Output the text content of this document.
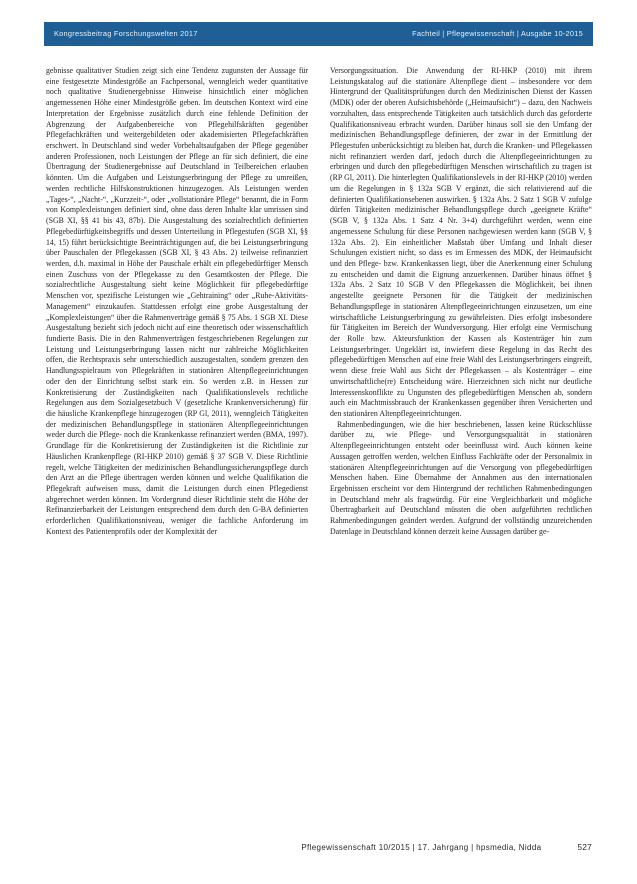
Kongressbeitrag Forschungswelten 2017	Fachteil | Pflegewissenschaft | Ausgabe 10-2015

gebnisse qualitativer Studien zeigt sich eine Tendenz zugunsten der Aussage für eine festgesetzte Mindestgröße an Fachpersonal, wenngleich weder quantitative noch qualitative Studienergebnisse Hinweise hinsichtlich einer möglichen angemessenen Höhe einer Mindestgröße geben. Im deutschen Kontext wird eine Interpretation der Ergebnisse zusätzlich durch eine fehlende Definition der Abgrenzung der Aufgabenbereiche von Pflegehilfskräften gegenüber Pflegefachkräften und weitergebildeten oder akademisierten Pflegefachkräften erschwert. In Deutschland sind weder Vorbehaltsaufgaben der Pflege gegenüber anderen Professionen, noch Leistungen der Pflege an für sich definiert, die eine Übertragung der Studienergebnisse auf Deutschland in Teilbereichen erlauben könnten. Um die Aufgaben und Leistungserbringung der Pflege zu umreißen, werden rechtliche Hilfskonstruktionen hinzugezogen. Als Leistungen werden „Tages-“, „Nacht-“, „Kurzzeit-“, oder „vollstationäre Pflege“ benannt, die in Form von Komplexleistungen definiert sind, ohne dass deren Inhalte klar umrissen sind (SGB XI, §§ 41 bis 43, 87b). Die Ausgestaltung des sozialrechtlich definierten Pflegebedürftigkeitsbegriffs und dessen Unterteilung in Pflegestufen (SGB XI, §§ 14, 15) führt berücksichtigte Beeinträchtigungen auf, die bei Leistungserbringung über Pauschalen der Pflegekassen (SGB XI, § 43 Abs. 2) teilweise refinanziert werden, d.h. maximal in Höhe der Pauschale erhält ein pflegebedürftiger Mensch einen Zuschuss von der Pflegekasse zu den Gesamtkosten der Pflege. Die sozialrechtliche Ausgestaltung sieht keine Möglichkeit für pflegebedürftige Menschen vor, spezifische Leistungen wie „Gehtraining“ oder „Ruhe-Aktivitäts-Management“ einzukaufen. Stattdessen erfolgt eine grobe Ausgestaltung der „Komplexleistungen“ über die Rahmenverträge gemäß § 75 Abs. 1 SGB XI. Diese Ausgestaltung bezieht sich jedoch nicht auf eine theoretisch oder wissenschaftlich fundierte Basis. Die in den Rahmenverträgen festgeschriebenen Regelungen zur Leistung und Leistungserbringung lassen nicht nur zahlreiche Möglichkeiten offen, die Rechtspraxis sehr unterschiedlich auszugestalten, sondern grenzen den Handlungsspielraum von Pflegekräften in stationären Altenpflegeeinrichtungen oder den der Einrichtung selbst stark ein. So werden z.B. in Hessen zur Konkretisierung der Zuständigkeiten nach Qualifikationslevels rechtliche Regelungen aus dem Sozialgesetzbuch V (gesetzliche Krankenversicherung) für die häusliche Krankenpflege hinzugezogen (RP Gl, 2011), wenngleich Tätigkeiten der medizinischen Behandlungspflege in stationären Altenpflegeeinrichtungen weder durch die Pflege- noch die Krankenkasse refinanziert werden (BMA, 1997). Grundlage für die Konkretisierung der Zuständigkeiten ist die Richtlinie zur Häuslichen Krankenpflege (RI-HKP 2010) gemäß § 37 SGB V. Diese Richtlinie regelt, welche Tätigkeiten der medizinischen Behandlungssicherungspflege durch den Arzt an die Pflege übertragen werden können und welche Qualifikation die Pflegekraft aufweisen muss, damit die Leistungen durch einen Pflegedienst abgerechnet werden können. Im Vordergrund dieser Richtlinie steht die Höhe der Refinanzierbarkeit der Leistungen entsprechend dem durch den G-BA definierten erforderlichen Qualifikationsniveau, weniger die fachliche Anforderung im Kontext des Patientenprofils oder der Komplexität der

Versorgungssituation. Die Anwendung der RI-HKP (2010) mit ihrem Leistungskatalog auf die stationäre Altenpflege dient – insbesondere vor dem Hintergrund der Qualitätsprüfungen durch den Medizinischen Dienst der Kassen (MDK) oder der oberen Aufsichtsbehörde („Heimaufsicht“) – dazu, den Nachweis vorzuhalten, dass entsprechende Tätigkeiten auch tatsächlich durch das geforderte Qualifikationsniveau erbracht wurden. Darüber hinaus soll sie den Umfang der medizinischen Behandlungspflege definieren, der zwar in der Ermittlung der Pflegestufen unberücksichtigt zu bleiben hat, durch die Kranken- und Pflegekassen nicht refinanziert werden darf, jedoch durch die Altenpflegeeinrichtungen zu erbringen und durch den pflegebedürftigen Menschen wirtschaftlich zu tragen ist (RP Gl, 2011). Die hinterlegten Qualifikationslevels in der RI-HKP (2010) werden um die Regelungen in § 132a SGB V ergänzt, die sich relativierend auf die definierten Qualifikationsebenen auswirken. § 132a Abs. 2 Satz 1 SGB V zufolge dürfen Tätigkeiten medizinischer Behandlungspflege durch „geeignete Kräfte“ (SGB V, § 132a Abs. 1 Satz 4 Nr. 3+4) durchgeführt werden, wenn eine angemessene Schulung für diese Personen nachgewiesen werden kann (SGB V, § 132a Abs. 2). Ein einheitlicher Maßstab über Umfang und Inhalt dieser Schulungen existiert nicht, so dass es im Ermessen des MDK, der Heimaufsicht und den Pflege- bzw. Krankenkassen liegt, über die Anerkennung einer Schulung zu entscheiden und damit die Eignung anzuerkennen. Darüber hinaus öffnet § 132a Abs. 2 Satz 10 SGB V den Pflegekassen die Möglichkeit, bei ihnen angestellte geeignete Personen für die Tätigkeit der medizinischen Behandlungspflege in stationären Altenpflegeeinrichtungen einzusetzen, um eine wirtschaftliche Leistungserbringung zu gewährleisten. Dies erfolgt insbesondere für Tätigkeiten im Bereich der Wundversorgung. Hier erfolgt eine Vermischung der Rolle bzw. Akteursfunktion der Kassen als Kostenträger hin zum Leistungserbringer. Ungeklärt ist, inwiefern diese Regelung in das Recht des pflegebedürftigen Menschen auf eine freie Wahl des Leistungserbringers eingreift, wenn diese freie Wahl aus Sicht der Pflegekassen – als Kostenträger – eine unwirtschaftliche(re) Entscheidung wäre. Hierzeichnen sich nicht nur deutliche Interessenskonflikte zu Ungunsten des pflegebedürftigen Menschen ab, sondern auch ein Machtmissbrauch der Krankenkassen gegenüber ihren Versicherten und den stationären Altenpflegeeinrichtungen.

Rahmenbedingungen, wie die hier beschriebenen, lassen keine Rückschlüsse darüber zu, wie Pflege- und Versorgungsqualität in stationären Altenpflegeeinrichtungen entsteht oder beeinflusst wird. Auch können keine Aussagen getroffen werden, welchen Einfluss Fachkräfte oder der Personalmix in stationären Altenpflegeeinrichtungen auf die Versorgung von pflegebedürftigen Menschen haben. Eine Übernahme der Annahmen aus den internationalen Ergebnissen erscheint vor dem Hintergrund der rechtlichen Rahmenbedingungen in Deutschland mehr als fragwürdig. Für eine Vergleichbarkeit und mögliche Übertragbarkeit auf Deutschland müssten die oben aufgeführten rechtlichen Rahmenbedingungen geändert werden. Aufgrund der vollständig unzureichenden Datenlage in Deutschland können derzeit keine Aussagen darüber ge-

Pflegewissenschaft 10/2015 | 17. Jahrgang | hpsmedia, Nidda	527
